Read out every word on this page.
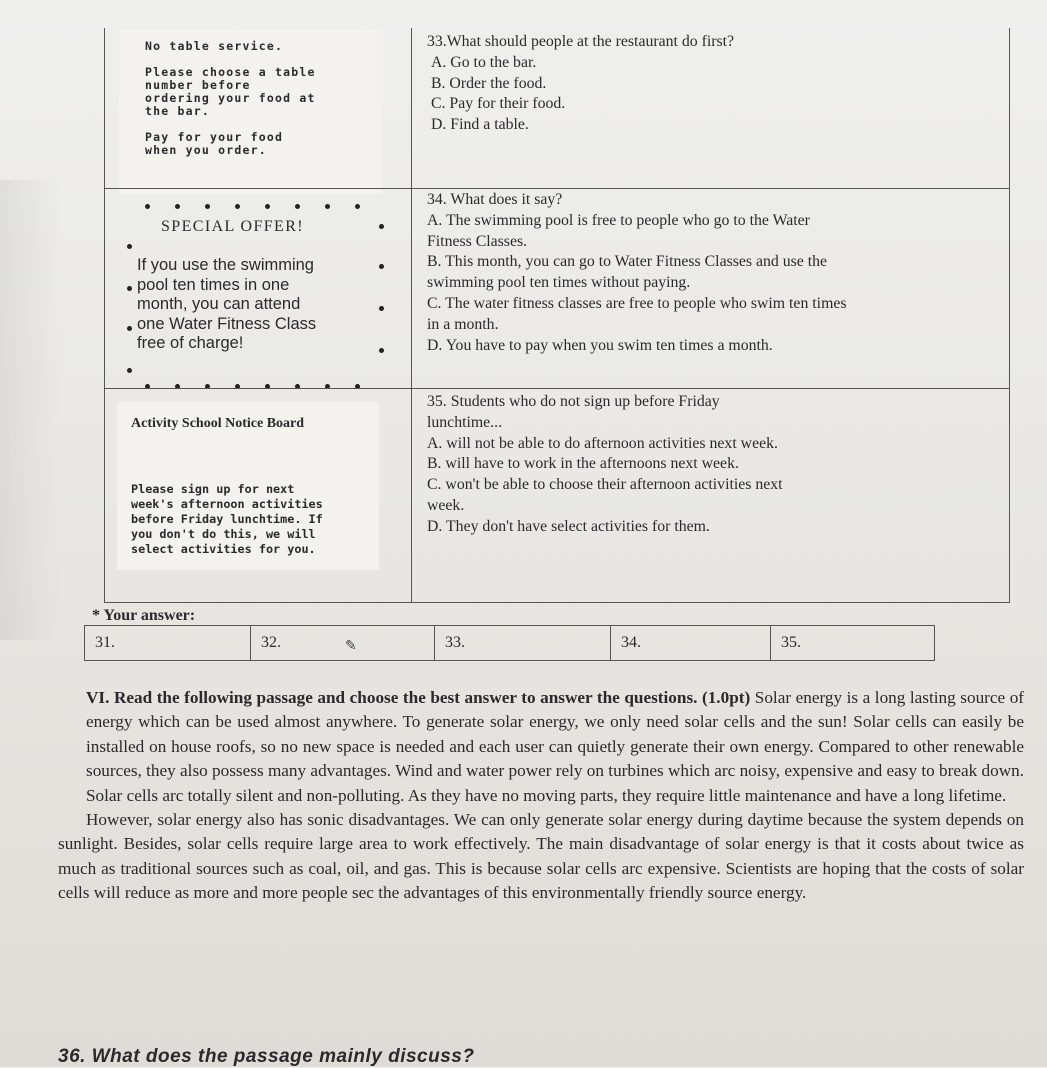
No table service.

Please choose a table
number before
ordering your food at
the bar.

Pay for your food
when you order.

SPECIAL OFFER!

If you use the swimming
pool ten times in one
month, you can attend
one Water Fitness Class
free of charge!

Activity School Notice Board

Please sign up for next
week's afternoon activities
before Friday lunchtime. If
you don't do this, we will
select activities for you.

33.What should people at the restaurant do first?

A. Go to the bar.

B. Order the food.

C. Pay for their food.

D. Find a table.

34. What does it say?

A. The swimming pool is free to people who go to the Water
Fitness Classes.

B. This month, you can go to Water Fitness Classes and use the
swimming pool ten times without paying.

C. The water fitness classes are free to people who swim ten times
in a month.

D. You have to pay when you swim ten times a month.

35. Students who do not sign up before Friday
lunchtime...

A. will not be able to do afternoon activities next week.

B. will have to work in the afternoons next week.

C. won't be able to choose their afternoon activities next
week.

D. They don't have select activities for them.

* Your answer:

31.	32.	✎	33.	34.	35.

VI. Read the following passage and choose the best answer to answer the questions. (1.0pt) Solar energy is a long lasting source of energy which can be used almost anywhere. To generate solar energy, we only need solar cells and the sun! Solar cells can easily be installed on house roofs, so no new space is needed and each user can quietly generate their own energy. Compared to other renewable sources, they also possess many advantages. Wind and water power rely on turbines which arc noisy, expensive and easy to break down. Solar cells arc totally silent and non-polluting. As they have no moving parts, they require little maintenance and have a long lifetime.

However, solar energy also has sonic disadvantages. We can only generate solar energy during daytime because the system depends on sunlight. Besides, solar cells require large area to work effectively. The main disadvantage of solar energy is that it costs about twice as much as traditional sources such as coal, oil, and gas. This is because solar cells arc expensive. Scientists are hoping that the costs of solar cells will reduce as more and more people sec the advantages of this environmentally friendly source energy.

36. What does the passage mainly discuss?
